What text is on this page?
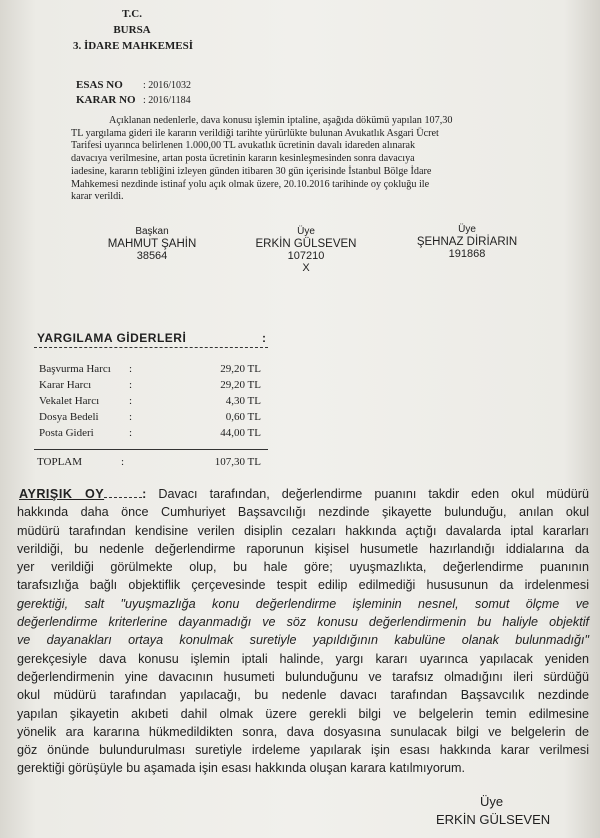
T.C.
BURSA
3. İDARE MAHKEMESİ
ESAS NO : 2016/1032
KARAR NO : 2016/1184
Açıklanan nedenlerle, dava konusu işlemin iptaline, aşağıda dökümü yapılan 107,30
TL yargılama gideri ile kararın verildiği tarihte yürürlükte bulunan Avukatlık Asgari Ücret
Tarifesi uyarınca belirlenen 1.000,00 TL avukatlık ücretinin davalı idareden alınarak
davacıya verilmesine, artan posta ücretinin kararın kesinleşmesinden sonra davacıya
iadesine, kararın tebliğini izleyen günden itibaren 30 gün içerisinde İstanbul Bölge İdare
Mahkemesi nezdinde istinaf yolu açık olmak üzere, 20.10.2016 tarihinde oy çokluğu ile
karar verildi.
Başkan
MAHMUT ŞAHİN
38564
Üye
ERKİN GÜLSEVEN
107210
X
Üye
ŞEHNAZ DİRİARIN
191868
YARGILAMA GİDERLERİ	:
Başvurma Harcı :	29,20 TL
Karar Harcı	:	29,20 TL
Vekalet Harcı	:	4,30 TL
Dosya Bedeli	:	0,60 TL
Posta Gideri	:	44,00 TL
TOPLAM	:	107,30 TL
AYRIŞIK OY	: Davacı tarafından, değerlendirme puanını takdir eden okul müdürü
hakkında daha önce Cumhuriyet Başsavcılığı nezdinde şikayette bulunduğu, anılan okul
müdürü tarafından kendisine verilen disiplin cezaları hakkında açtığı davalarda iptal kararları
verildiği, bu nedenle değerlendirme raporunun kişisel husumetle hazırlandığı iddialarına da
yer verildiği görülmekte olup, bu hale göre; uyuşmazlıkta, değerlendirme puanının
tarafsızlığa bağlı objektiflik çerçevesinde tespit edilip edilmediği hususunun da irdelenmesi
gerektiği, salt "uyuşmazlığa konu değerlendirme işleminin nesnel, somut ölçme ve
değerlendirme kriterlerine dayanmadığı ve söz konusu değerlendirmenin bu haliyle objektif
ve dayanakları ortaya konulmak suretiyle yapıldığının kabulüne olanak bulunmadığı"
gerekçesiyle dava konusu işlemin iptali halinde, yargı kararı uyarınca yapılacak yeniden
değerlendirmenin yine davacının husumeti bulunduğunu ve tarafsız olmadığını ileri sürdüğü
okul müdürü tarafından yapılacağı, bu nedenle davacı tarafından Başsavcılık nezdinde
yapılan şikayetin akıbeti dahil olmak üzere gerekli bilgi ve belgelerin temin edilmesine
yönelik ara kararına hükmedildikten sonra, dava dosyasına sunulacak bilgi ve belgelerin de
göz önünde bulundurulması suretiyle irdeleme yapılarak işin esası hakkında karar verilmesi
gerektiği görüşüyle bu aşamada işin esası hakkında oluşan karara katılmıyorum.
Üye
ERKİN GÜLSEVEN
